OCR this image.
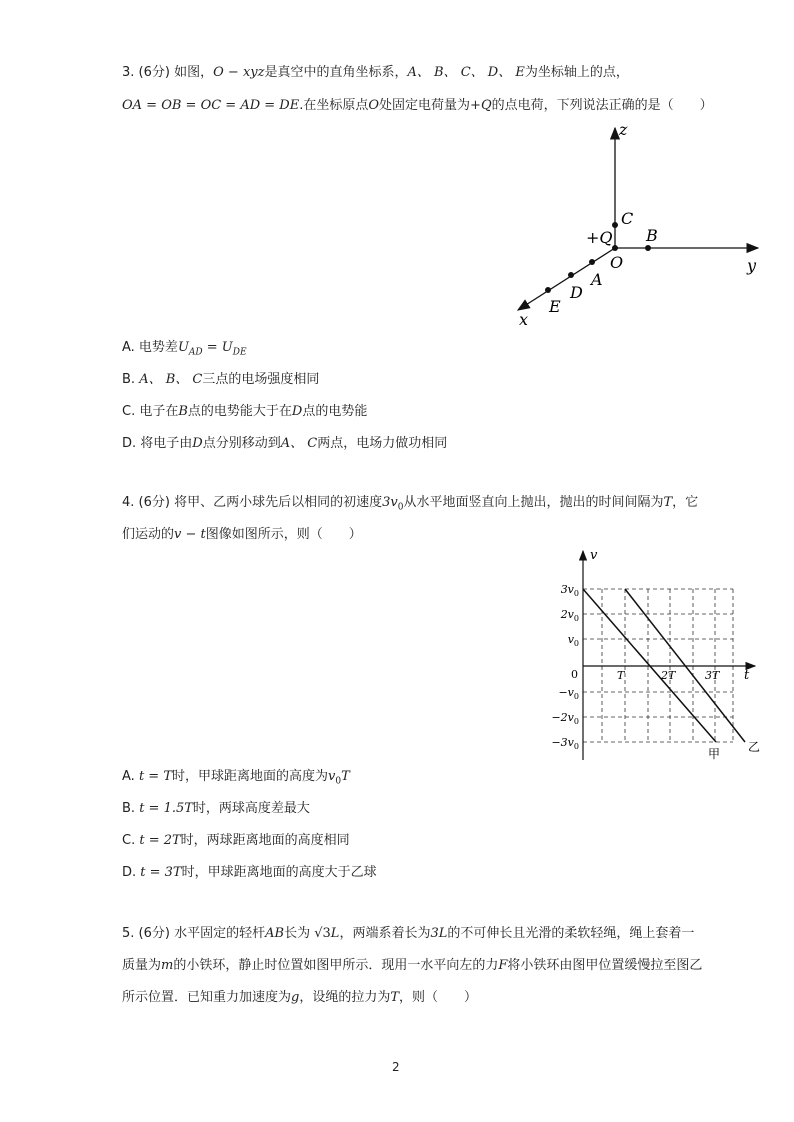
3. (6分) 如图，O − xyz是真空中的直角坐标系，A、 B、 C、 D、 E为坐标轴上的点，
OA = OB = OC = AD = DE.在坐标原点O处固定电荷量为+Q的点电荷，下列说法正确的是（　　）
z
y
x
O
B
C
+Q
A
D
E
A. 电势差$U_{AD} = U_{DE}$
B. A、 B、 C三点的电场强度相同
C. 电子在B点的电势能大于在D点的电势能
D. 将电子由D点分别移动到A、 C两点，电场力做功相同
4. (6分) 将甲、乙两小球先后以相同的初速度$3v_0$从水平地面竖直向上抛出，抛出的时间间隔为T，它
们运动的v − t图像如图所示，则（　　）
v
t
0
$3v_0$
$2v_0$
$v_0$
$-v_0$
$-2v_0$
$-3v_0$
T	2T	3T
甲 乙
A. t = T时，甲球距离地面的高度为$v_0T$
B. t = 1.5T时，两球高度差最大
C. t = 2T时，两球距离地面的高度相同
D. t = 3T时，甲球距离地面的高度大于乙球
5. (6分) 水平固定的轻杆AB长为 √3L，两端系着长为3L的不可伸长且光滑的柔软轻绳，绳上套着一
质量为m的小铁环，静止时位置如图甲所示．现用一水平向左的力F将小铁环由图甲位置缓慢拉至图乙
所示位置．已知重力加速度为g，设绳的拉力为T，则（　　）
2
